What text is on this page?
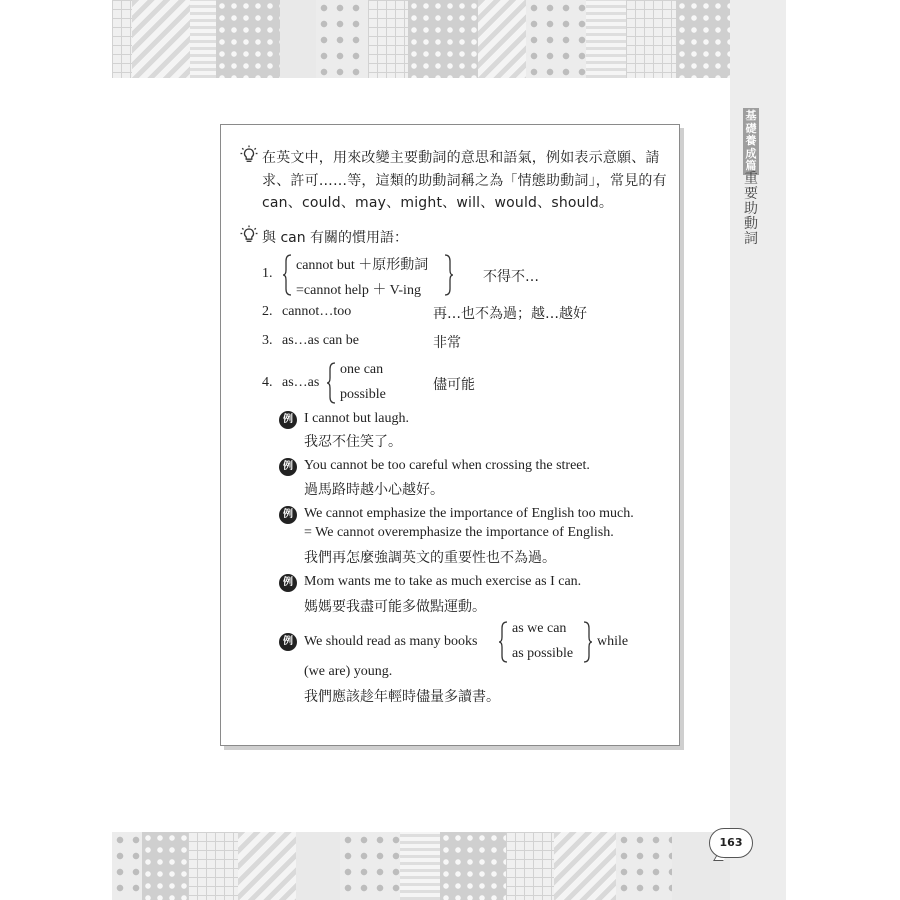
基
礎
養
成
篇
重
要
助
動
詞
163
在英文中，用來改變主要動詞的意思和語氣，例如表示意願、請求、許可……等，這類的助動詞稱之為「情態助動詞」，常見的有 can、could、may、might、will、would、should。
與 can 有關的慣用語：
1.
cannot but ＋原形動詞
=cannot help ＋ V-ing
不得不…
2. cannot…too	再…也不為過；越…越好
3. as…as can be	非常
4. as…as
one can
possible
儘可能
例 I cannot but laugh.
我忍不住笑了。
例 You cannot be too careful when crossing the street.
過馬路時越小心越好。
例 We cannot emphasize the importance of English too much.
= We cannot overemphasize the importance of English.
我們再怎麼強調英文的重要性也不為過。
例 Mom wants me to take as much exercise as I can.
媽媽要我盡可能多做點運動。
例 We should read as many books
as we can
as possible
while
(we are) young.
我們應該趁年輕時儘量多讀書。
